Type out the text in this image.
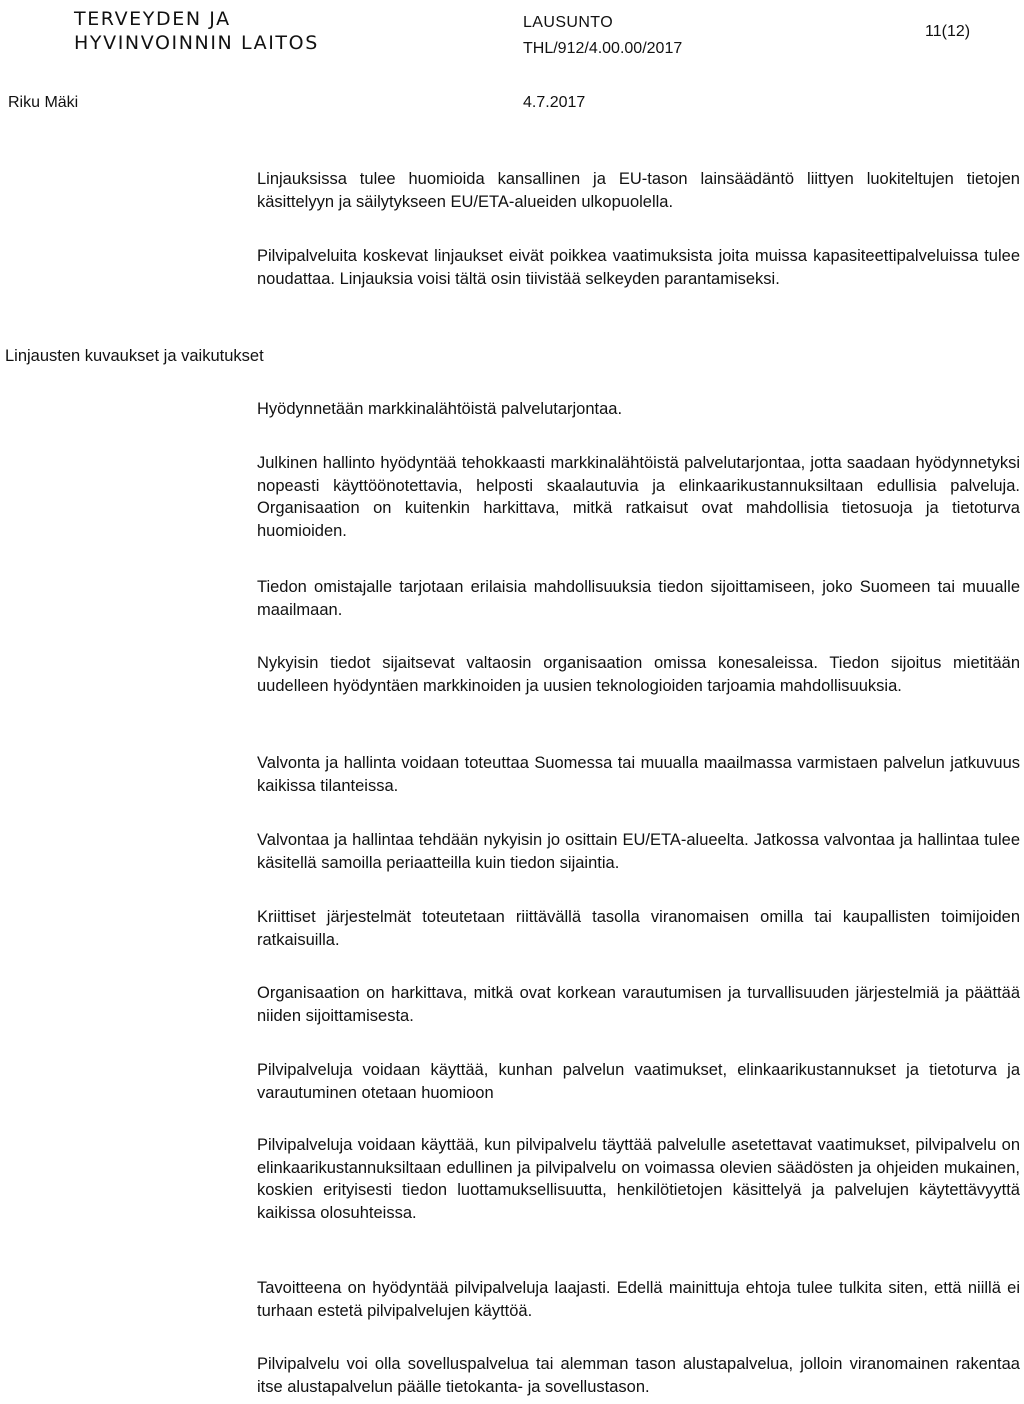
TERVEYDEN JA
HYVINVOINNIN LAITOS
LAUSUNTO
THL/912/4.00.00/2017
11(12)
Riku Mäki	4.7.2017
Linjausten kuvaukset ja vaikutukset

Linjauksissa tulee huomioida kansallinen ja EU-tason lainsäädäntö liittyen luokiteltujen tietojen käsittelyyn ja säilytykseen EU/ETA-alueiden ulkopuolella.

Pilvipalveluita koskevat linjaukset eivät poikkea vaatimuksista joita muissa kapasiteettipalveluissa tulee noudattaa. Linjauksia voisi tältä osin tiivistää selkeyden parantamiseksi.

Hyödynnetään markkinalähtöistä palvelutarjontaa.

Julkinen hallinto hyödyntää tehokkaasti markkinalähtöistä palvelutarjontaa, jotta saadaan hyödynnetyksi nopeasti käyttöönotettavia, helposti skaalautuvia ja elinkaarikustannuksiltaan edullisia palveluja. Organisaation on kuitenkin harkittava, mitkä ratkaisut ovat mahdollisia tietosuoja ja tietoturva huomioiden.

Tiedon omistajalle tarjotaan erilaisia mahdollisuuksia tiedon sijoittamiseen, joko Suomeen tai muualle maailmaan.

Nykyisin tiedot sijaitsevat valtaosin organisaation omissa konesaleissa. Tiedon sijoitus mietitään uudelleen hyödyntäen markkinoiden ja uusien teknologioiden tarjoamia mahdollisuuksia.

Valvonta ja hallinta voidaan toteuttaa Suomessa tai muualla maailmassa varmistaen palvelun jatkuvuus kaikissa tilanteissa.

Valvontaa ja hallintaa tehdään nykyisin jo osittain EU/ETA-alueelta. Jatkossa valvontaa ja hallintaa tulee käsitellä samoilla periaatteilla kuin tiedon sijaintia.

Kriittiset järjestelmät toteutetaan riittävällä tasolla viranomaisen omilla tai kaupallisten toimijoiden ratkaisuilla.

Organisaation on harkittava, mitkä ovat korkean varautumisen ja turvallisuuden järjestelmiä ja päättää niiden sijoittamisesta.

Pilvipalveluja voidaan käyttää, kunhan palvelun vaatimukset, elinkaarikustannukset ja tietoturva ja varautuminen otetaan huomioon

Pilvipalveluja voidaan käyttää, kun pilvipalvelu täyttää palvelulle asetettavat vaatimukset, pilvipalvelu on elinkaarikustannuksiltaan edullinen ja pilvipalvelu on voimassa olevien säädösten ja ohjeiden mukainen, koskien erityisesti tiedon luottamuksellisuutta, henkilötietojen käsittelyä ja palvelujen käytettävyyttä kaikissa olosuhteissa.

Tavoitteena on hyödyntää pilvipalveluja laajasti. Edellä mainittuja ehtoja tulee tulkita siten, että niillä ei turhaan estetä pilvipalvelujen käyttöä.

Pilvipalvelu voi olla sovelluspalvelua tai alemman tason alustapalvelua, jolloin viranomainen rakentaa itse alustapalvelun päälle tietokanta- ja sovellustason.
